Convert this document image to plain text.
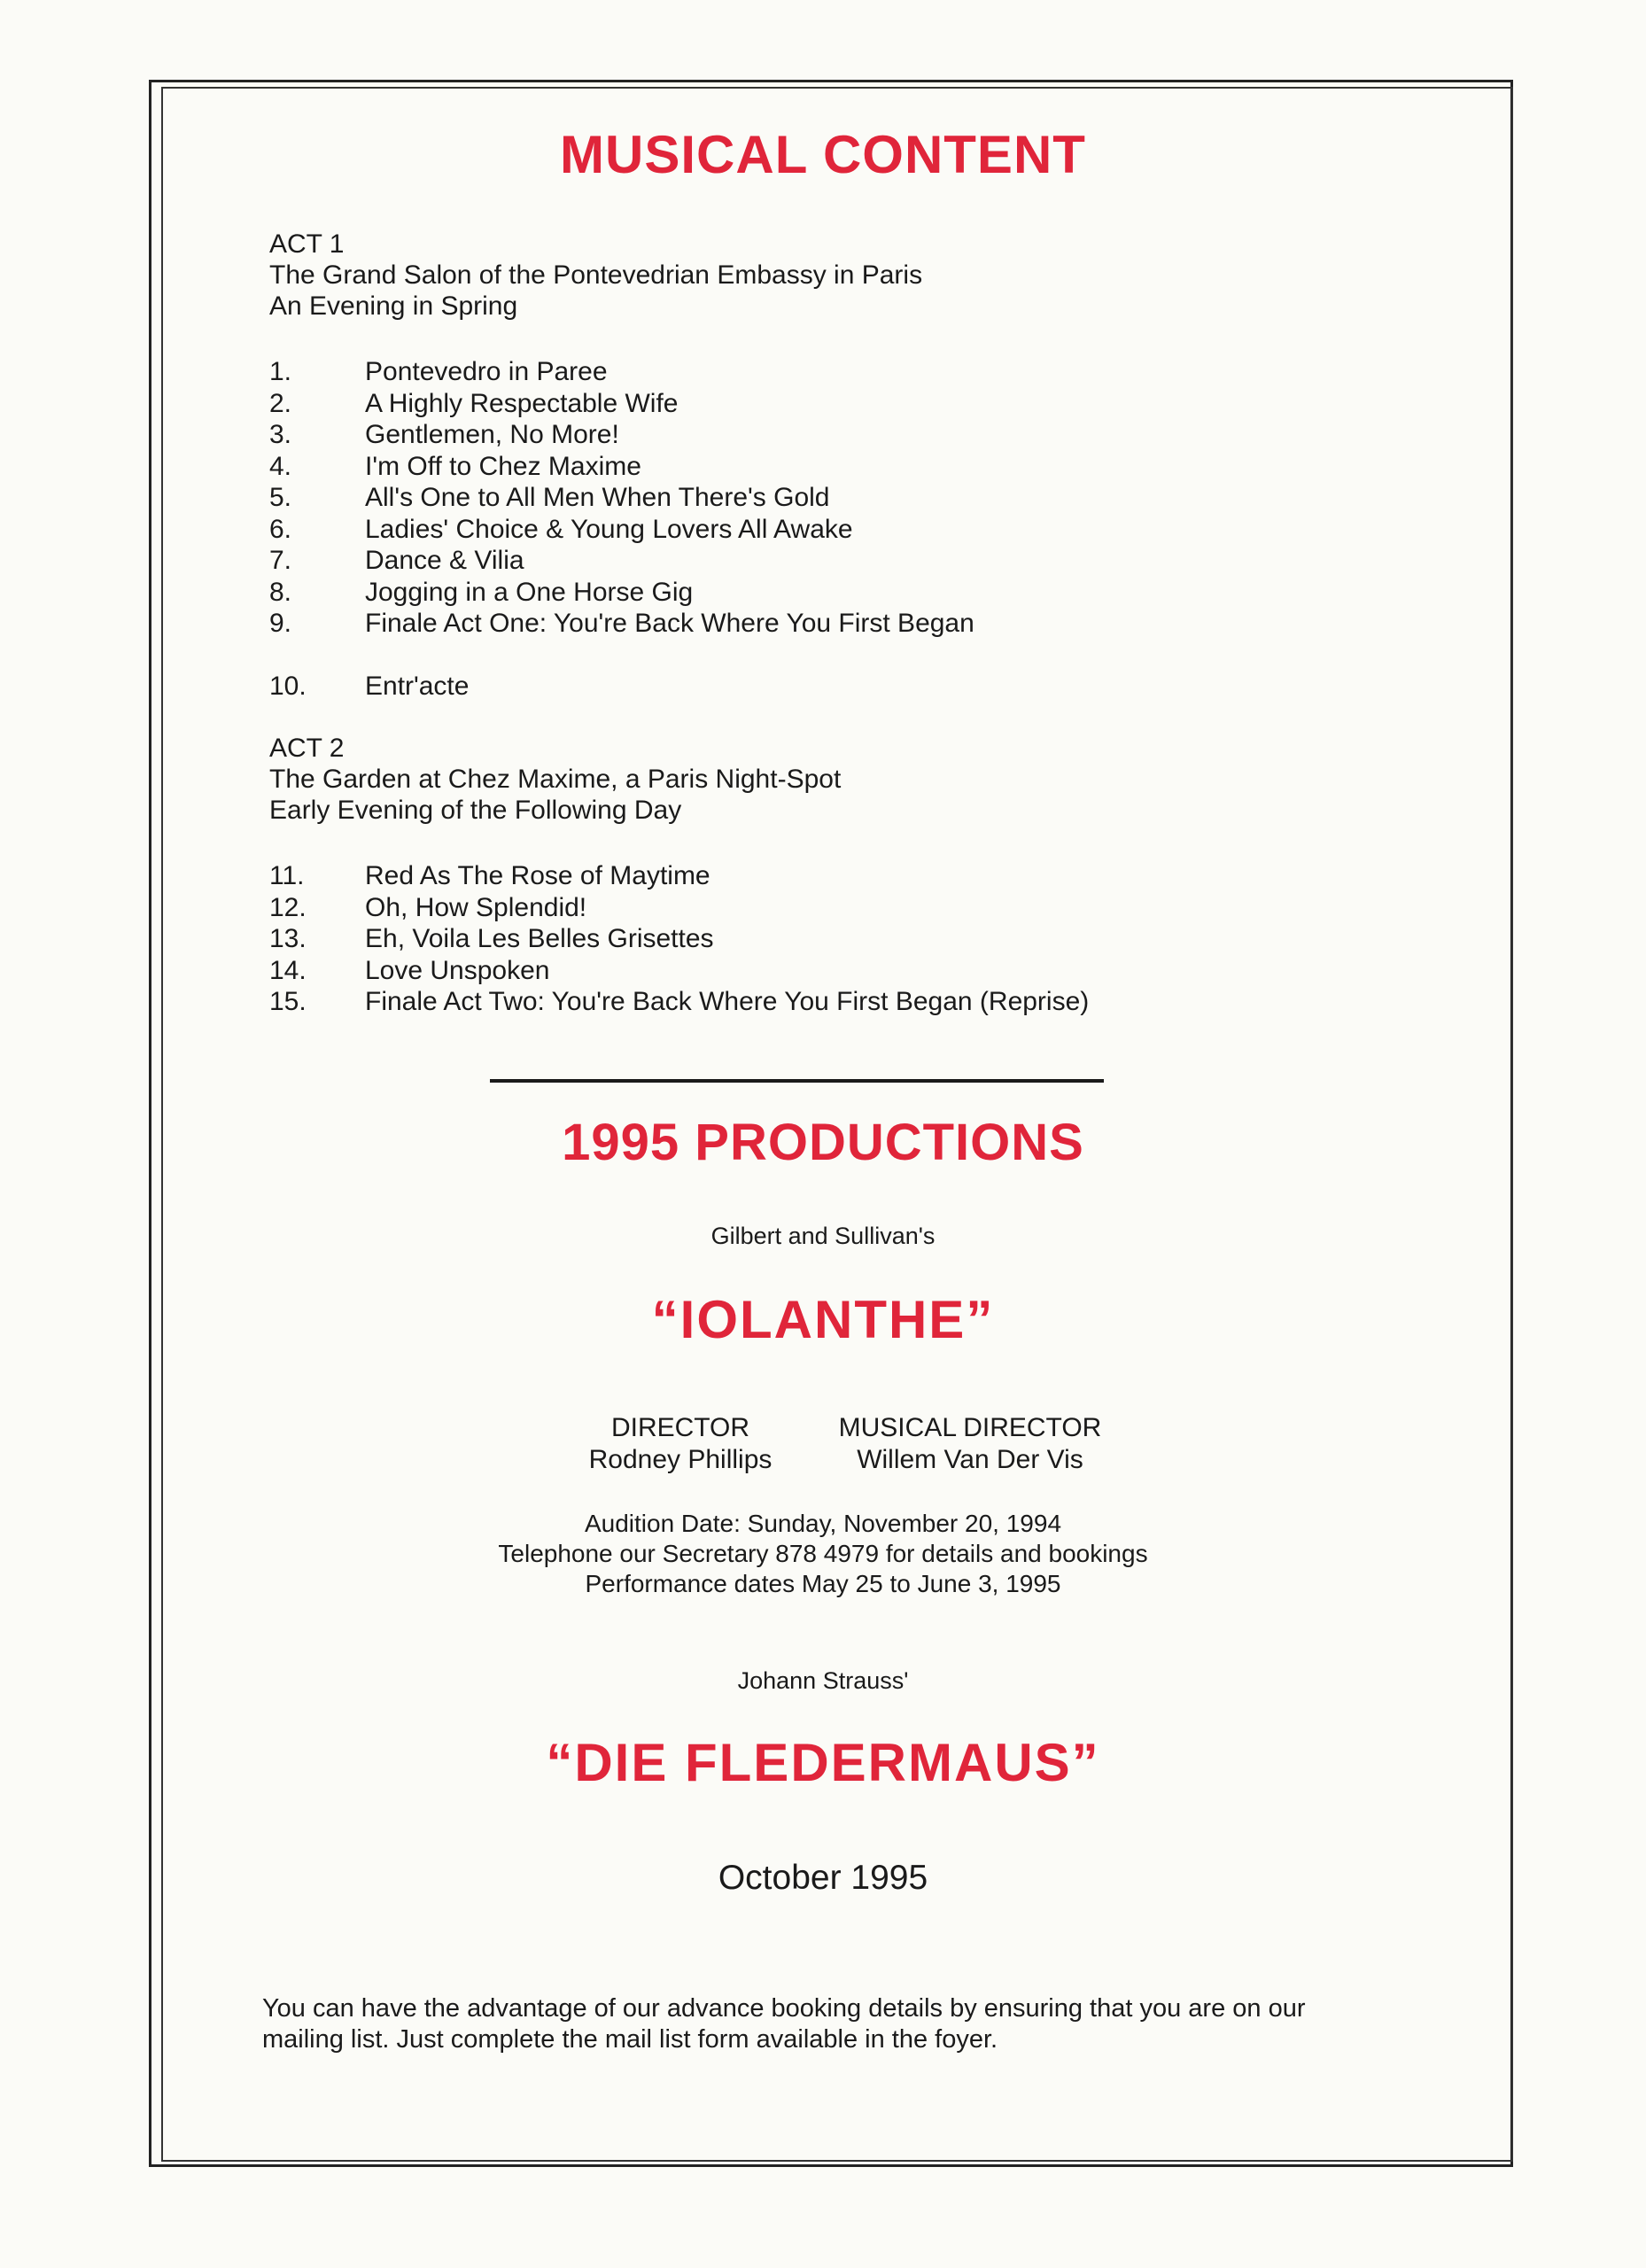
MUSICAL CONTENT
ACT 1
The Grand Salon of the Pontevedrian Embassy in Paris
An Evening in Spring
1.	Pontevedro in Paree
2.	A Highly Respectable Wife
3.	Gentlemen, No More!
4.	I'm Off to Chez Maxime
5.	All's One to All Men When There's Gold
6.	Ladies' Choice & Young Lovers All Awake
7.	Dance & Vilia
8.	Jogging in a One Horse Gig
9.	Finale Act One: You're Back Where You First Began
10.	Entr'acte
ACT 2
The Garden at Chez Maxime, a Paris Night-Spot
Early Evening of the Following Day
11.	Red As The Rose of Maytime
12.	Oh, How Splendid!
13.	Eh, Voila Les Belles Grisettes
14.	Love Unspoken
15.	Finale Act Two: You're Back Where You First Began (Reprise)
1995 PRODUCTIONS
Gilbert and Sullivan's
“IOLANTHE”
DIRECTOR
Rodney Phillips
MUSICAL DIRECTOR
Willem Van Der Vis
Audition Date: Sunday, November 20, 1994
Telephone our Secretary 878 4979 for details and bookings
Performance dates May 25 to June 3, 1995
Johann Strauss'
“DIE FLEDERMAUS”
October 1995
You can have the advantage of our advance booking details by ensuring that you are on our
mailing list. Just complete the mail list form available in the foyer.
